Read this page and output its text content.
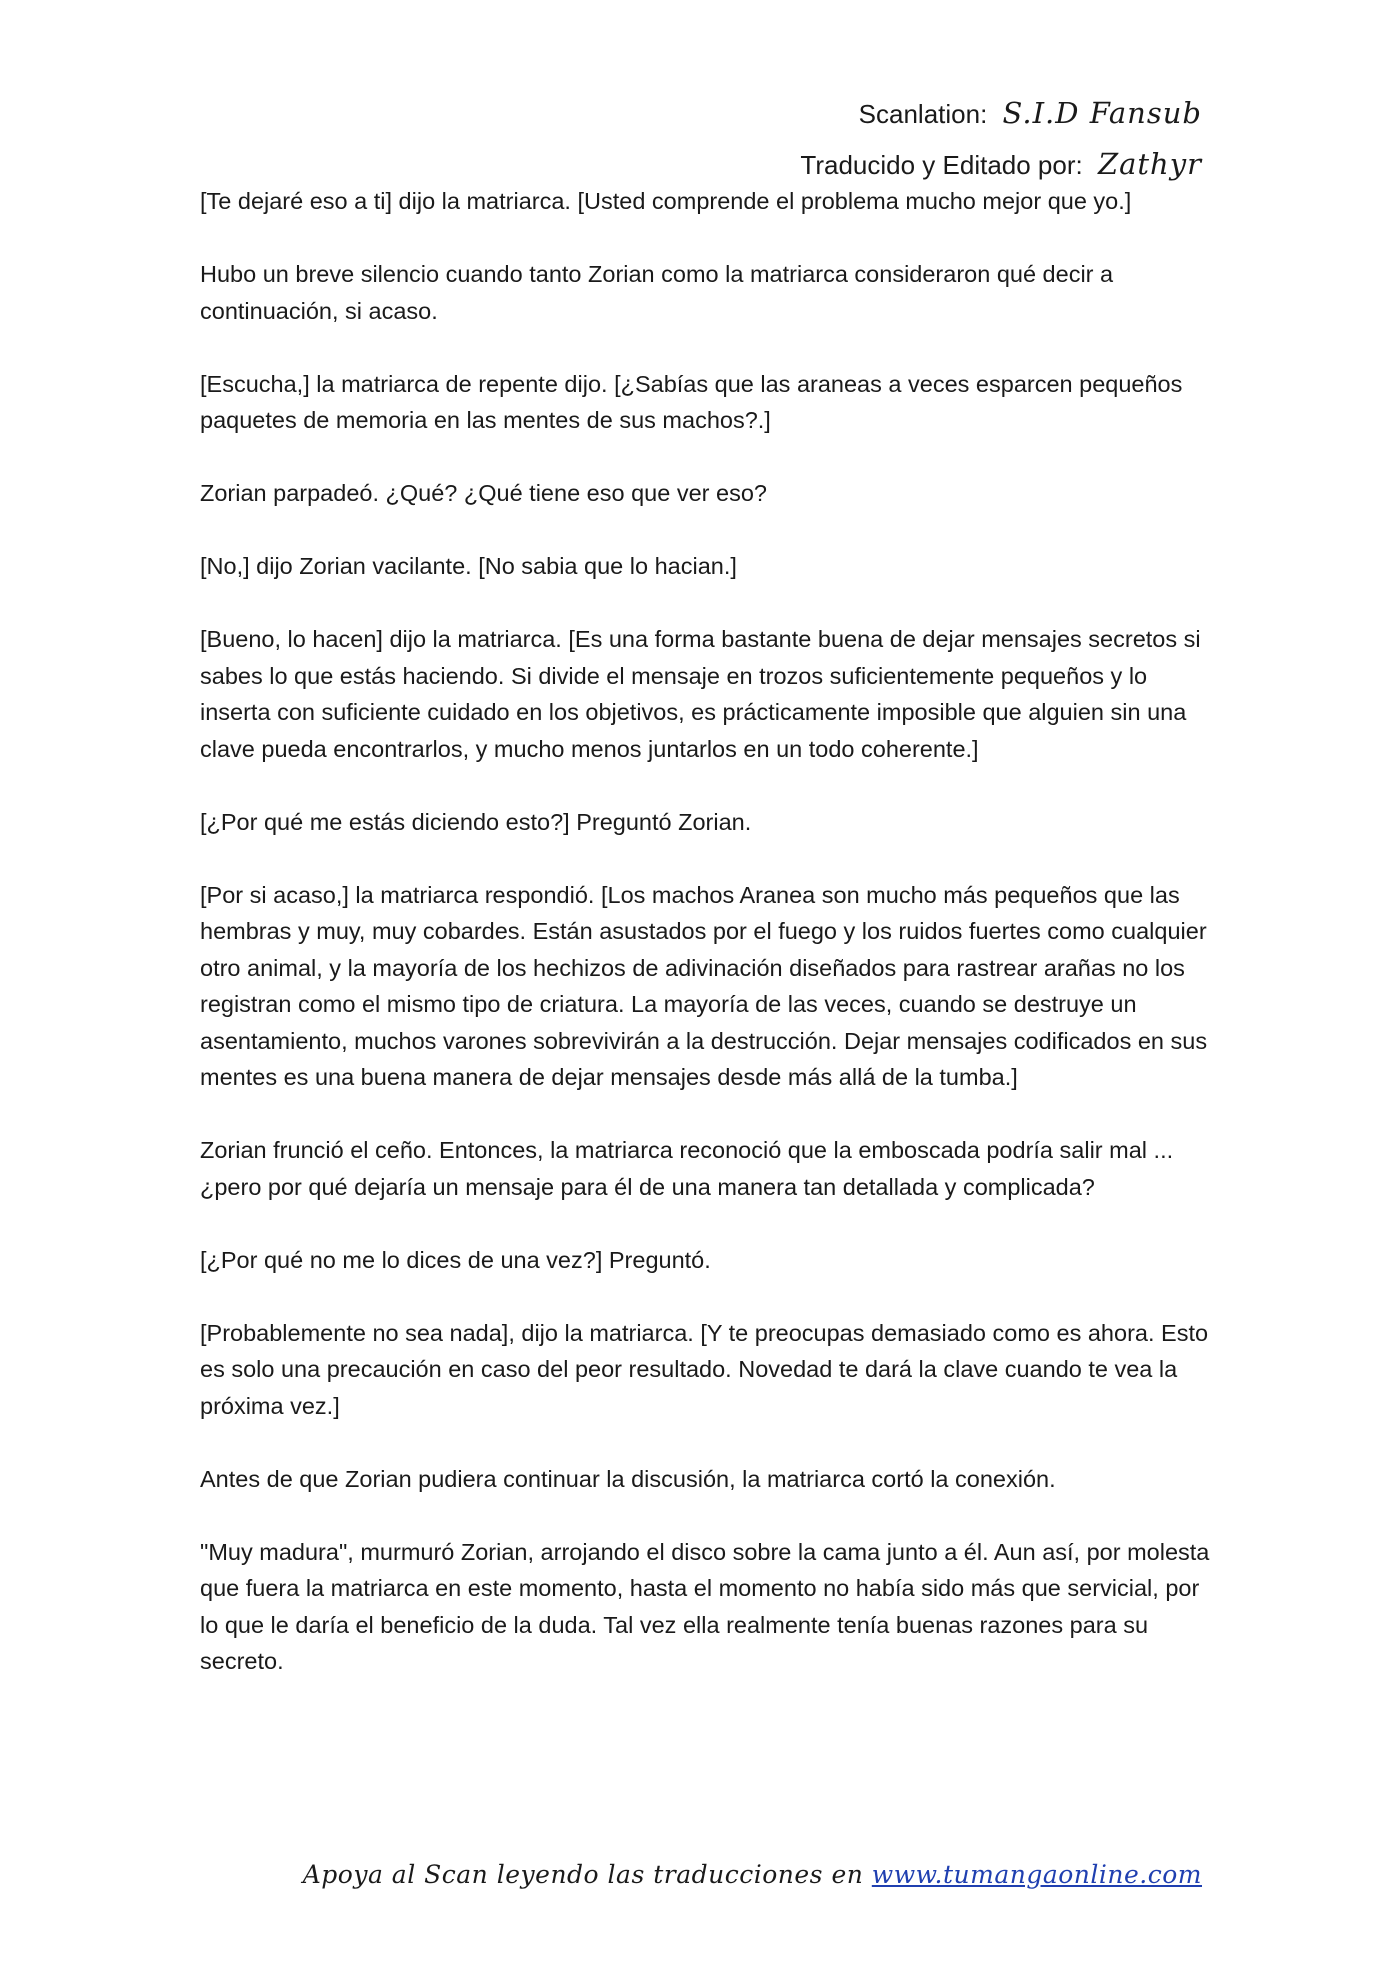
Scanlation: S.I.D Fansub
Traducido y Editado por: Zathyr

[Te dejaré eso a ti] dijo la matriarca. [Usted comprende el problema mucho mejor que yo.]

Hubo un breve silencio cuando tanto Zorian como la matriarca consideraron qué decir a continuación, si acaso.

[Escucha,] la matriarca de repente dijo. [¿Sabías que las araneas a veces esparcen pequeños paquetes de memoria en las mentes de sus machos?.]

Zorian parpadeó. ¿Qué? ¿Qué tiene eso que ver eso?

[No,] dijo Zorian vacilante. [No sabia que lo hacian.]

[Bueno, lo hacen] dijo la matriarca. [Es una forma bastante buena de dejar mensajes secretos si sabes lo que estás haciendo. Si divide el mensaje en trozos suficientemente pequeños y lo inserta con suficiente cuidado en los objetivos, es prácticamente imposible que alguien sin una clave pueda encontrarlos, y mucho menos juntarlos en un todo coherente.]

[¿Por qué me estás diciendo esto?] Preguntó Zorian.

[Por si acaso,] la matriarca respondió. [Los machos Aranea son mucho más pequeños que las hembras y muy, muy cobardes. Están asustados por el fuego y los ruidos fuertes como cualquier otro animal, y la mayoría de los hechizos de adivinación diseñados para rastrear arañas no los registran como el mismo tipo de criatura. La mayoría de las veces, cuando se destruye un asentamiento, muchos varones sobrevivirán a la destrucción. Dejar mensajes codificados en sus mentes es una buena manera de dejar mensajes desde más allá de la tumba.]

Zorian frunció el ceño. Entonces, la matriarca reconoció que la emboscada podría salir mal ... ¿pero por qué dejaría un mensaje para él de una manera tan detallada y complicada?

[¿Por qué no me lo dices de una vez?] Preguntó.

[Probablemente no sea nada], dijo la matriarca. [Y te preocupas demasiado como es ahora. Esto es solo una precaución en caso del peor resultado. Novedad te dará la clave cuando te vea la próxima vez.]

Antes de que Zorian pudiera continuar la discusión, la matriarca cortó la conexión.

"Muy madura", murmuró Zorian, arrojando el disco sobre la cama junto a él. Aun así, por molesta que fuera la matriarca en este momento, hasta el momento no había sido más que servicial, por lo que le daría el beneficio de la duda. Tal vez ella realmente tenía buenas razones para su secreto.

Apoya al Scan leyendo las traducciones en www.tumangaonline.com
